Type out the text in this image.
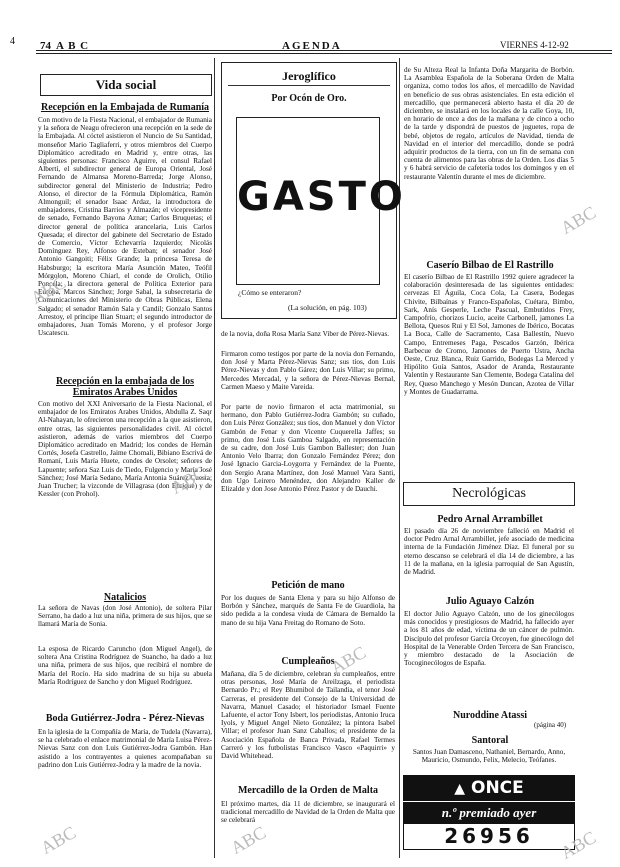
4 74 A B C	AGENDA	VIERNES 4-12-92
Vida social
Recepción en la Embajada de Rumanía
Con motivo de la Fiesta Nacional, el embajador de Rumania y la señora de Neagu ofrecieron una recepción en la sede de la Embajada. Al cóctel asistieron el Nuncio de Su Santidad, monseñor Mario Tagliaferri, y otros miembros del Cuerpo Diplomático acreditado en Madrid y, entre otras, las siguientes personas: Francisco Aguirre, el consul Rafael Albertí, el subdirector general de Europa Oriental, José Fernando de Almansa Moreno-Barreda; Jorge Alonso, subdirector general del Ministerio de Industria; Pedro Alonso, el director de la Fórmula Diplomática, Ramón Almonguil; el senador Isaac Ardaz, la introductora de embajadores, Cristina Barrios y Almazán; el vicepresidente de senado, Fernando Bayona Aznar; Carlos Bruquetas; el director general de política arancelaria, Luis Carlos Quesada; el director del gabinete del Secretario de Estado de Comercio, Víctor Echevarría Izquierdo; Nicolás Domínguez Rey, Alfonso de Esteban; el senador José Antonio Gangoiti; Félix Grande; la princesa Teresa de Habsburgo; la escritora María Asunción Mateo, Teófil Mórgolon, Moreno Chiarl, el conde de Orolich, Otilio Poncela; la directora general de Política Exterior para Europa, Marcos Sánchez; Jorge Sabal, la subsecretaria de Comunicaciones del Ministerio de Obras Públicas, Elena Salgado; el senador Ramón Sala y Candil; Gonzalo Santos Arrestoy, el príncipe Ilian Stuart; el segundo introductor de embajadores, Juan Tomás Moreno, y el profesor Jorge Uscatescu.
Recepción en la embajada de los Emiratos Arabes Unidos
Con motivo del XXI Aniversario de la Fiesta Nacional, el embajador de los Emiratos Arabes Unidos, Abdulla Z. Saqr Al-Nahayan, le ofrecieron una recepción a la que asistieron, entre otras, las siguientes personalidades civil. Al cóctel asistieron, además de varios miembros del Cuerpo Diplomático acreditado en Madrid; los condes de Hernán Cortés, Josefa Castrello, Jaime Chomali, Bibiano Escrivá de Romaní, Luis María Huete, condes de Orsolet; señores de Lapuente; señora Saz Luis de Tiedo, Fulgencio y María José Sánchez; José María Sedano, María Antonia Suárez Cuesta; Juan Trucher; la vizconde de Villagrasa (don Enrique) y de Kessler (con Prohol).
Natalicios
La señora de Navas (don José Antonio), de soltera Pilar Serrano, ha dado a luz una niña, primera de sus hijos, que se llamará María de Sonia.
La esposa de Ricardo Caruncho (don Miguel Angel), de soltera Ana Cristina Rodríguez de Suancho, ha dado a luz una niña, primera de sus hijos, que recibirá el nombre de María del Rocío. Ha sido madrina de su hija su abuela María Rodríguez de Sancho y don Miguel Rodríguez.
Boda Gutiérrez-Jodra - Pérez-Nievas
En la iglesia de la Compañía de María, de Tudela (Navarra), se ha celebrado el enlace matrimonial de María Luisa Pérez-Nievas Sanz con don Luis Gutiérrez-Jodra Gambón. Han asistido a los contrayentes a quienes acompañaban su padrino don Luis Gutiérrez-Jodra y la madre de la novia.
Jeroglífico
Por Ocón de Oro.
GASTO
¿Cómo se enteraron?
(La solución, en pág. 103)
de la novia, doña Rosa María Sanz Viber de Pérez-Nievas.
Firmaron como testigos por parte de la novia don Fernando, don José y Marta Pérez-Nievas Sanz; sus tíos, don Luis Pérez-Nievas y don Pablo Gárez; don Luis Villar; su primo, Mercedes Mercadal, y la señora de Pérez-Nievas Bernal, Carmen Maeso y Maite Vareida.
Por parte de novio firmaron el acta matrimonial, su hermano, don Pablo Gutiérrez-Jodra Gambón; su cuñado, don Luis Pérez González; sus tíos, don Manuel y don Víctor Gambón de Fenar y don Vicente Cuquerella Jaffes; su primo, don José Luis Gamboa Salgado, en representación de su cadre, don José Luis Gambon Ballester; don Juan Antonio Velo Ibarra; don Gonzalo Fernández Pérez; don José Ignacio Garcia-Loygorra y Fernández de la Puente, don Sergio Arana Martínez, don José Manuel Vara Santi, don Ugo Leirero Menéndez, don Alejandro Kaller de Elizalde y don Jose Antonio Pérez Pastor y de Dauchi.
Petición de mano
Por los duques de Santa Elena y para su hijo Alfonso de Borbón y Sánchez, marqués de Santa Fe de Guardiola, ha sido pedida a la condesa viuda de Cámara de Bernaldo la mano de su hija Vana Freitag do Romano de Soto.
Cumpleaños
Mañana, día 5 de diciembre, celebran su cumpleaños, entre otras personas, José María de Areilzaga, el periodista Bernardo Pr.; el Rey Bhumibol de Tailandia, el tenor José Carreras, el presidente del Consejo de la Universidad de Navarra, Manuel Casado; el historiador Ismael Fuente Lafuente, el actor Tony Isbert, los periodistas, Antonio Iruca Iyols, y Miguel Angel Nieto González; la pintora Isabel Villar; el profesor Juan Sanz Caballos; el presidente de la Asociación Española de Banca Privada, Rafael Termes Carreró y los futbolistas Francisco Vasco «Paquirri» y David Whitehead.
Mercadillo de la Orden de Malta
El próximo martes, día 11 de diciembre, se inaugurará el tradicional mercadillo de Navidad de la Orden de Malta que se celebrará
de Su Alteza Real la Infanta Doña Margarita de Borbón. La Asamblea Española de la Soberana Orden de Malta organiza, como todos los años, el mercadillo de Navidad en beneficio de sus obras asistenciales. En esta edición el mercadillo, que permanecerá abierto hasta el día 20 de diciembre, se instalará en los locales de la calle Goya, 10, en horario de once a dos de la mañana y de cinco a ocho de la tarde y dispondrá de puestos de juguetes, ropa de bebé, objetos de regalo, artículos de Navidad, tienda de Navidad en el interior del mercadillo, donde se podrá adquirir productos de la tierra, con un fin de semana con cuenta de alimentos para las obras de la Orden. Los días 5 y 6 habrá servicio de cafetería todos los domingos y en el restaurante Valentín durante el mes de diciembre.
Caserío Bilbao de El Rastrillo
El caserío Bilbao de El Rastrillo 1992 quiere agradecer la colaboración desinteresada de las siguientes entidades: cervezas El Águila, Coca Cola, La Casera, Bodegas Chivite, Bilbaínas y Franco-Españolas, Cuétara, Bimbo, Sark, Anís Gesperle, Leche Pascual, Embutidos Frey, Campofrío, chorizos Lucio, aceite Carbonell, jamones La Bellota, Quesos Rui y El Sol, Jamones de Ibérico, Bocatas La Boca, Calle de Sacramento, Casa Ballestín, Nuevo Campo, Entremeses Paga, Pescados Garzón, Ibérica Barbecue de Cromo, Jamones de Puerto Ustra, Ancha Oeste, Cruz Blanca, Ruiz Garrido, Bodegas La Merced y Hipólito Guía Santos, Asador de Aranda, Restaurante Valentín y Restaurante San Clemente, Bodega Catalina del Rey, Queso Manchego y Mesón Duncan, Azotea de Villar y Montes de Guadarrama.
Necrológicas
Pedro Arnal Arrambillet
El pasado día 26 de noviembre falleció en Madrid el doctor Pedro Arnal Arrambillet, jefe asociado de medicina interna de la Fundación Jiménez Díaz. El funeral por su eterno descanso se celebrará el día 14 de diciembre, a las 11 de la mañana, en la iglesia parroquial de San Agustín, de Madrid.
Julio Aguayo Calzón
El doctor Julio Aguayo Calzón, uno de los ginecólogos más conocidos y prestigiosos de Madrid, ha fallecido ayer a los 81 años de edad, víctima de un cáncer de pulmón. Discípulo del profesor García Orcoyen, fue ginecólogo del Hospital de la Venerable Orden Tercera de San Francisco, y miembro destacado de la Asociación de Tocoginecólogos de España.
Nuroddine Atassi
(página 40)
Santoral
Santos Juan Damasceno, Nathaniel, Bernardo, Anno, Mauricio, Osmundo, Felix, Melecio, Teófanes.
▲ ONCE
n.º premiado ayer
26956
ABC
ABC
ABC
ABC	ABC
ABC
ABC
